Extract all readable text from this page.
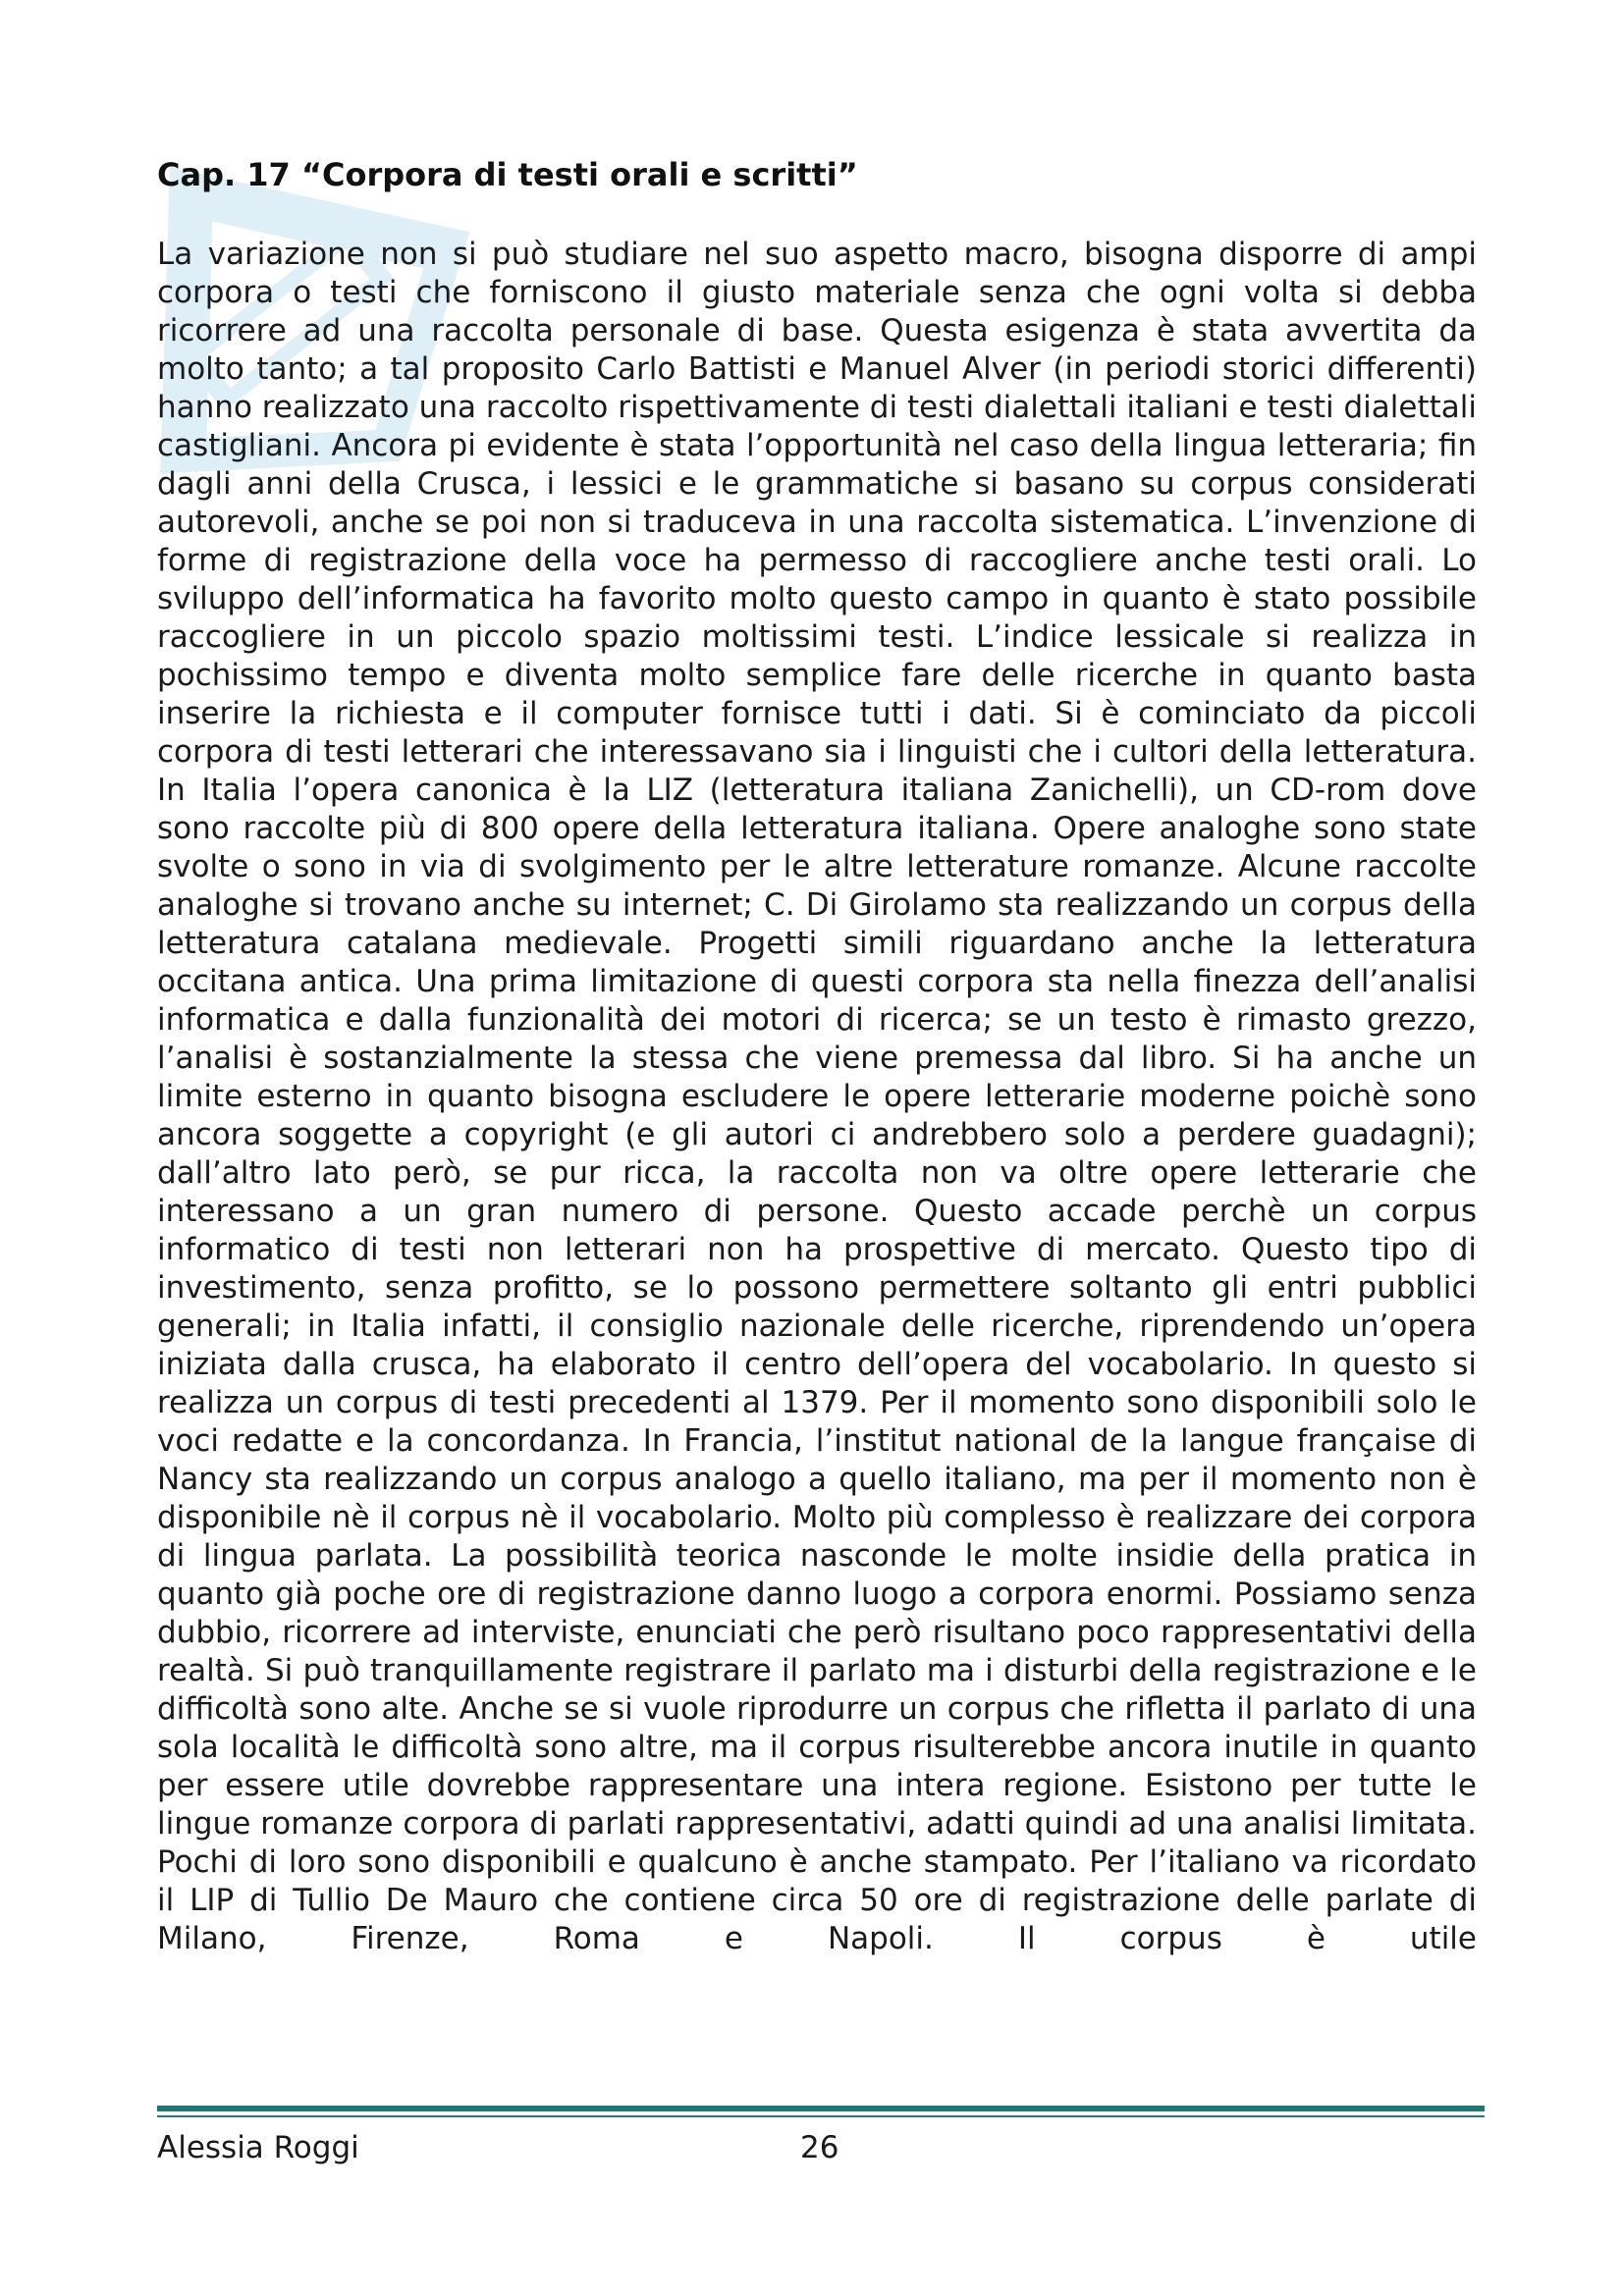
Cap. 17 “Corpora di testi orali e scritti”

La variazione non si può studiare nel suo aspetto macro, bisogna disporre di ampi corpora o testi che forniscono il giusto materiale senza che ogni volta si debba ricorrere ad una raccolta personale di base. Questa esigenza è stata avvertita da molto tanto; a tal proposito Carlo Battisti e Manuel Alver (in periodi storici differenti) hanno realizzato una raccolto rispettivamente di testi dialettali italiani e testi dialettali castigliani. Ancora pi evidente è stata l’opportunità nel caso della lingua letteraria; fin dagli anni della Crusca, i lessici e le grammatiche si basano su corpus considerati autorevoli, anche se poi non si traduceva in una raccolta sistematica. L’invenzione di forme di registrazione della voce ha permesso di raccogliere anche testi orali. Lo sviluppo dell’informatica ha favorito molto questo campo in quanto è stato possibile raccogliere in un piccolo spazio moltissimi testi. L’indice lessicale si realizza in pochissimo tempo e diventa molto semplice fare delle ricerche in quanto basta inserire la richiesta e il computer fornisce tutti i dati. Si è cominciato da piccoli corpora di testi letterari che interessavano sia i linguisti che i cultori della letteratura. In Italia l’opera canonica è la LIZ (letteratura italiana Zanichelli), un CD-rom dove sono raccolte più di 800 opere della letteratura italiana. Opere analoghe sono state svolte o sono in via di svolgimento per le altre letterature romanze. Alcune raccolte analoghe si trovano anche su internet; C. Di Girolamo sta realizzando un corpus della letteratura catalana medievale. Progetti simili riguardano anche la letteratura occitana antica. Una prima limitazione di questi corpora sta nella finezza dell’analisi informatica e dalla funzionalità dei motori di ricerca; se un testo è rimasto grezzo, l’analisi è sostanzialmente la stessa che viene premessa dal libro. Si ha anche un limite esterno in quanto bisogna escludere le opere letterarie moderne poichè sono ancora soggette a copyright (e gli autori ci andrebbero solo a perdere guadagni); dall’altro lato però, se pur ricca, la raccolta non va oltre opere letterarie che interessano a un gran numero di persone. Questo accade perchè un corpus informatico di testi non letterari non ha prospettive di mercato. Questo tipo di investimento, senza profitto, se lo possono permettere soltanto gli entri pubblici generali; in Italia infatti, il consiglio nazionale delle ricerche, riprendendo un’opera iniziata dalla crusca, ha elaborato il centro dell’opera del vocabolario. In questo si realizza un corpus di testi precedenti al 1379. Per il momento sono disponibili solo le voci redatte e la concordanza. In Francia, l’institut national de la langue française di Nancy sta realizzando un corpus analogo a quello italiano, ma per il momento non è disponibile nè il corpus nè il vocabolario. Molto più complesso è realizzare dei corpora di lingua parlata. La possibilità teorica nasconde le molte insidie della pratica in quanto già poche ore di registrazione danno luogo a corpora enormi. Possiamo senza dubbio, ricorrere ad interviste, enunciati che però risultano poco rappresentativi della realtà. Si può tranquillamente registrare il parlato ma i disturbi della registrazione e le difficoltà sono alte. Anche se si vuole riprodurre un corpus che rifletta il parlato di una sola località le difficoltà sono altre, ma il corpus risulterebbe ancora inutile in quanto per essere utile dovrebbe rappresentare una intera regione. Esistono per tutte le lingue romanze corpora di parlati rappresentativi, adatti quindi ad una analisi limitata. Pochi di loro sono disponibili e qualcuno è anche stampato. Per l’italiano va ricordato il LIP di Tullio De Mauro che contiene circa 50 ore di registrazione delle parlate di Milano, Firenze, Roma e Napoli. Il corpus è utile

Alessia Roggi	26
